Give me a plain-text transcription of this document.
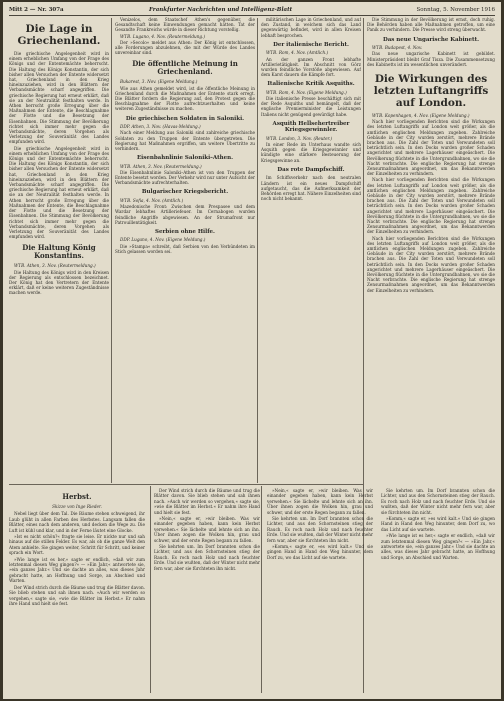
Mitt 2 — Nr. 307a	Frankfurter Nachrichten und Intelligenz-Blatt	Sonntag, 5. November 1916
Die Lage in Griechenland.

Die griechische Angelegenheit wird in einem erheblichen Umfang von der Frage des Königs und der Ententemächte beherrscht. Die Haltung des Königs Konstantin, der sich bisher allen Versuchen der Entente widersetzt hat, Griechenland in den Krieg hineinzuziehen, wird in den Blättern der Verbandsmächte scharf angegriffen. Die griechische Regierung hat erneut erklärt, daß sie an der Neutralität festhalten werde. In Athen herrscht große Erregung über die Maßnahmen der Entente, die Beschlagnahme der Flotte und die Besetzung der Eisenbahnen. Die Stimmung der Bevölkerung richtet sich immer mehr gegen die Verbandsmächte, deren Vorgehen als Verletzung der Souveränität des Landes empfunden wird.

Die griechische Angelegenheit wird in einem erheblichen Umfang von der Frage des Königs und der Ententemächte beherrscht. Die Haltung des Königs Konstantin, der sich bisher allen Versuchen der Entente widersetzt hat, Griechenland in den Krieg hineinzuziehen, wird in den Blättern der Verbandsmächte scharf angegriffen. Die griechische Regierung hat erneut erklärt, daß sie an der Neutralität festhalten werde. In Athen herrscht große Erregung über die Maßnahmen der Entente, die Beschlagnahme der Flotte und die Besetzung der Eisenbahnen. Die Stimmung der Bevölkerung richtet sich immer mehr gegen die Verbandsmächte, deren Vorgehen als Verletzung der Souveränität des Landes empfunden wird.

Die Haltung König Konstantins.

WTB. Athen, 3. Nov. (Reutermeldung.)

Die Haltung des Königs wird in den Kreisen der Regierung als entschlossen bezeichnet. Der König hat den Vertretern der Entente erklärt, daß er keine weiteren Zugeständnisse machen werde.

Venizelos, dem Staatschef Athen's gegenüber, die Gesandtschaft keine Einwendungen gemacht hätten. Tat der Gesandte Frankreichs würde in dieser Richtung vorstellig.

WTB. Lugano, 4. Nov. (Reutermeldung.)

Der »Secolo« meldet aus Athen: Der König ist entschlossen, alle Forderungen abzulehnen, die mit der Würde des Landes unvereinbar sind.

Die öffentliche Meinung in Griechenland.

Bukarest, 3. Nov. (Eigene Meldung.)

Wie aus Athen gemeldet wird, ist die öffentliche Meinung in Griechenland durch die Maßnahmen der Entente stark erregt. Die Blätter fordern die Regierung auf, den Protest gegen die Beschlagnahme der Flotte aufrechtzuerhalten und keine weiteren Zugeständnisse zu machen.

Die griechischen Soldaten in Saloniki.

DDP. Athen, 3. Nov. (Havas-Meldung.)

Nach einer Meldung aus Saloniki sind zahlreiche griechische Soldaten zu den Truppen der Entente übergetreten. Die Regierung hat Maßnahmen ergriffen, um weitere Übertritte zu verhindern.

Eisenbahnlinie Saloniki–Athen.

WTB. Athen, 3. Nov. (Reutermeldung.)

Die Eisenbahnlinie Saloniki–Athen ist von den Truppen der Entente besetzt worden. Der Verkehr wird nur unter Aufsicht der Verbandsmächte aufrechterhalten.

Bulgarischer Kriegsbericht.

WTB. Sofia, 4. Nov. (Amtlich.)

Mazedonische Front: Zwischen dem Prespasee und dem Wardar lebhaftes Artilleriefeuer. Im Cernabogen wurden feindliche Angriffe abgewiesen. An der Strumafront nur Patrouillentätigkeit.

Serbien ohne Hilfe.

DDP. Lugano, 4. Nov. (Eigene Meldung.)

Die »Stampa« schreibt, daß Serbien von den Verbündeten im Stich gelassen worden sei.

militärischen Lage in Griechenland, und auf den Zustand, in welchem sich das Land gegenwärtig befindet, wird in allen Kreisen lebhaft besprochen.

Der italienische Bericht.

WTB. Rom, 4. Nov. (Amtlich.)

An der ganzen Front lebhafte Artillerietätigkeit. Im Abschnitt von Görz wurden feindliche Vorstöße abgewiesen. Auf dem Karst dauern die Kämpfe fort.

Italienische Kritik Asquiths.

WTB. Rom, 4. Nov. (Eigene Meldung.)

Die italienische Presse beschäftigt sich mit der Rede Asquiths und bemängelt, daß der englische Premierminister die Leistungen Italiens nicht genügend gewürdigt habe.

Asquith Hellsehertreiber Kriegsgewinnler.

WTB. London, 3. Nov. (Reuter.)

In einer Rede im Unterhaus wandte sich Asquith gegen die Kriegsgewinnler und kündigte eine stärkere Besteuerung der Kriegsgewinne an.

Das rote Dampfschiff.

Im Schiffsverkehr nach den neutralen Ländern ist ein neues Dampfschiff aufgetaucht, das die Aufmerksamkeit der Behörden erregt hat. Nähere Einzelheiten sind noch nicht bekannt.

Die Stimmung in der Bevölkerung ist ernst, doch ruhig. Die Behörden haben alle Maßnahmen getroffen, um eine Panik zu verhindern. Die Presse wird streng überwacht.

Das neue Ungarische Kabinett.

WTB. Budapest, 4. Nov.

Das neue ungarische Kabinett ist gebildet. Ministerpräsident bleibt Graf Tisza. Die Zusammensetzung des Kabinetts ist im wesentlichen unverändert.

Die Wirkungen des letzten Luftangriffs auf London.

WTB. Kopenhagen, 4. Nov. (Eigene Meldung.)

Nach hier vorliegenden Berichten sind die Wirkungen des letzten Luftangriffs auf London weit größer, als die amtlichen englischen Meldungen zugeben. Zahlreiche Gebäude in der City wurden zerstört, mehrere Brände brachen aus. Die Zahl der Toten und Verwundeten soll beträchtlich sein. In den Docks wurden großer Schaden angerichtet und mehrere Lagerhäuser eingeäschert. Die Bevölkerung flüchtete in die Untergrundbahnen, wo sie die Nacht verbrachte. Die englische Regierung hat strenge Zensurmaßnahmen angeordnet, um das Bekanntwerden der Einzelheiten zu verhindern.

Nach hier vorliegenden Berichten sind die Wirkungen des letzten Luftangriffs auf London weit größer, als die amtlichen englischen Meldungen zugeben. Zahlreiche Gebäude in der City wurden zerstört, mehrere Brände brachen aus. Die Zahl der Toten und Verwundeten soll beträchtlich sein. In den Docks wurden großer Schaden angerichtet und mehrere Lagerhäuser eingeäschert. Die Bevölkerung flüchtete in die Untergrundbahnen, wo sie die Nacht verbrachte. Die englische Regierung hat strenge Zensurmaßnahmen angeordnet, um das Bekanntwerden der Einzelheiten zu verhindern.

Nach hier vorliegenden Berichten sind die Wirkungen des letzten Luftangriffs auf London weit größer, als die amtlichen englischen Meldungen zugeben. Zahlreiche Gebäude in der City wurden zerstört, mehrere Brände brachen aus. Die Zahl der Toten und Verwundeten soll beträchtlich sein. In den Docks wurden großer Schaden angerichtet und mehrere Lagerhäuser eingeäschert. Die Bevölkerung flüchtete in die Untergrundbahnen, wo sie die Nacht verbrachte. Die englische Regierung hat strenge Zensurmaßnahmen angeordnet, um das Bekanntwerden der Einzelheiten zu verhindern.

Herbst.
Skizze von Inge Rieder.

Nebel liegt über dem Tal. Die Bäume stehen schweigend, ihr Laub glüht in allen Farben des Herbstes. Langsam fallen die Blätter, eines nach dem anderen, und decken die Wege zu. Die Luft ist kühl und klar, und in der Ferne läutet eine Glocke.

»Ist es nicht schön?« fragte sie leise. Er nickte nur und sah hinaus auf die stillen Felder. Es war, als ob die ganze Welt den Atem anhielte. Sie gingen weiter, Schritt für Schritt, und keiner sprach ein Wort.

»Wie lange ist es her,« sagte er endlich, »daß wir zum letztenmal diesen Weg gingen?« — »Ein Jahr,« antwortete sie, »ein ganzes Jahr.« Und sie dachte an alles, was dieses Jahr gebracht hatte, an Hoffnung und Sorge, an Abschied und Warten.

Der Wind strich durch die Bäume und trug die Blätter davon. Sie blieb stehen und sah ihnen nach. »Auch wir werden so vergehen,« sagte sie, »wie die Blätter im Herbst.« Er nahm ihre Hand und hielt sie fest.

Der Wind strich durch die Bäume und trug die Blätter davon. Sie blieb stehen und sah ihnen nach. »Auch wir werden so vergehen,« sagte sie, »wie die Blätter im Herbst.« Er nahm ihre Hand und hielt sie fest.

»Nein,« sagte er, »wir bleiben. Was wir einander gegeben haben, kann kein Herbst verwehen.« Sie lächelte und lehnte sich an ihn. Über ihnen zogen die Wolken hin, grau und schwer, und der erste Regen begann zu fallen.

Sie kehrten um. Im Dorf brannten schon die Lichter, und aus den Schornsteinen stieg der Rauch. Es roch nach Holz und nach feuchter Erde. Und sie wußten, daß der Winter nicht mehr fern war, aber sie fürchteten ihn nicht.

»Nein,« sagte er, »wir bleiben. Was wir einander gegeben haben, kann kein Herbst verwehen.« Sie lächelte und lehnte sich an ihn. Über ihnen zogen die Wolken hin, grau und schwer, und der erste Regen begann zu fallen.

Sie kehrten um. Im Dorf brannten schon die Lichter, und aus den Schornsteinen stieg der Rauch. Es roch nach Holz und nach feuchter Erde. Und sie wußten, daß der Winter nicht mehr fern war, aber sie fürchteten ihn nicht.

»Komm,« sagte er, »es wird kalt.« Und sie gingen Hand in Hand den Weg hinunter, dem Dorf zu, wo das Licht auf sie wartete.

Sie kehrten um. Im Dorf brannten schon die Lichter, und aus den Schornsteinen stieg der Rauch. Es roch nach Holz und nach feuchter Erde. Und sie wußten, daß der Winter nicht mehr fern war, aber sie fürchteten ihn nicht.

»Komm,« sagte er, »es wird kalt.« Und sie gingen Hand in Hand den Weg hinunter, dem Dorf zu, wo das Licht auf sie wartete.

»Wie lange ist es her,« sagte er endlich, »daß wir zum letztenmal diesen Weg gingen?« — »Ein Jahr,« antwortete sie, »ein ganzes Jahr.« Und sie dachte an alles, was dieses Jahr gebracht hatte, an Hoffnung und Sorge, an Abschied und Warten.
